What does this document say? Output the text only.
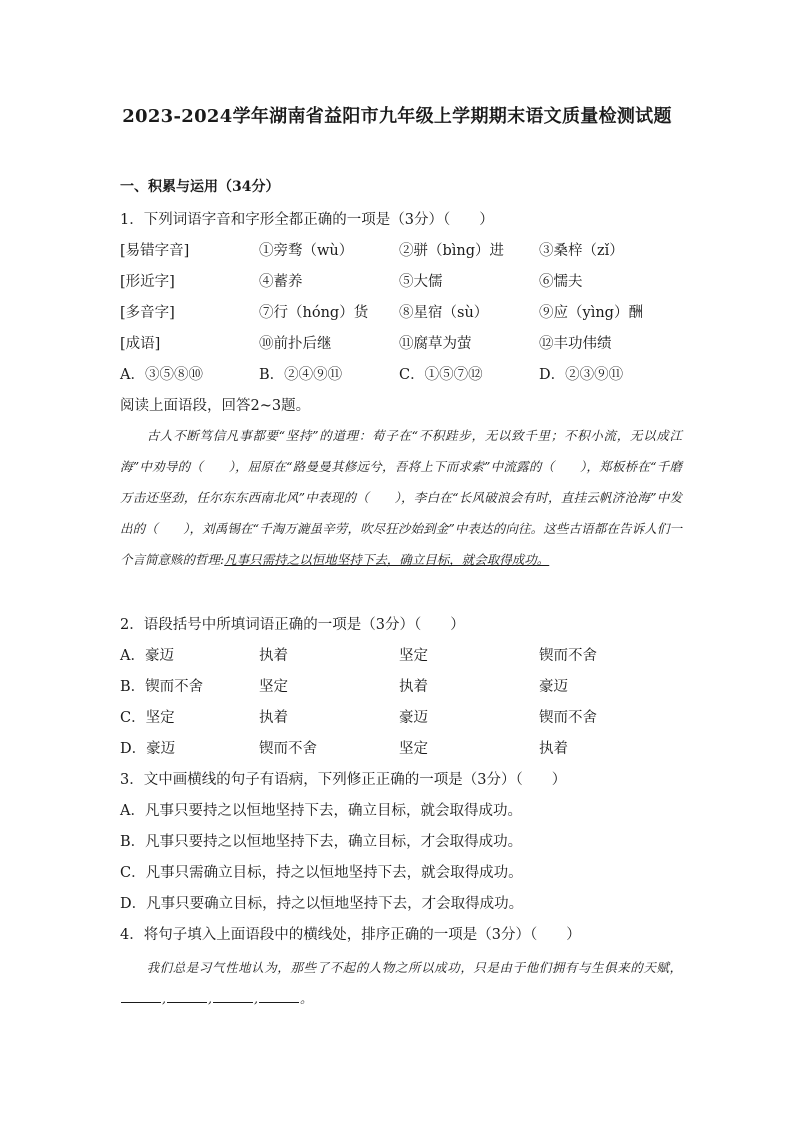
2023-2024学年湖南省益阳市九年级上学期期末语文质量检测试题
一、积累与运用（34分）
1．下列词语字音和字形全都正确的一项是（3分）（　　）
[易错字音]	①旁骛（wù）	②骈（bìng）进 ③桑梓（zǐ）
[形近字]	④蓄养	⑤大儒	⑥懦夫
[多音字]	⑦行（hóng）货 ⑧星宿（sù）	⑨应（yìng）酬
[成语]	⑩前扑后继	⑪腐草为萤	⑫丰功伟绩
A．③⑤⑧⑩	B．②④⑨⑪	C．①⑤⑦⑫	D．②③⑨⑪
阅读上面语段，回答2~3题。
古人不断笃信凡事都要“坚持”的道理：荀子在“不积跬步，无以致千里；不积小流，无以成江海”中劝导的（　　），屈原在“路曼曼其修远兮，吾将上下而求索”中流露的（　　），郑板桥在“千磨万击还坚劲，任尔东东西南北风”中表现的（　　），李白在“长风破浪会有时，直挂云帆济沧海”中发出的（　　），刘禹锡在“千淘万漉虽辛劳，吹尽狂沙始到金”中表达的向往。这些古语都在告诉人们一个言简意赅的哲理:凡事只需持之以恒地坚持下去，确立目标，就会取得成功。
2．语段括号中所填词语正确的一项是（3分）（　　）
A．豪迈	执着	坚定	锲而不舍
B．锲而不舍	坚定	执着	豪迈
C．坚定	执着	豪迈	锲而不舍
D．豪迈	锲而不舍	坚定	执着
3．文中画横线的句子有语病，下列修正正确的一项是（3分）（　　）
A．凡事只要持之以恒地坚持下去，确立目标，就会取得成功。
B．凡事只要持之以恒地坚持下去，确立目标，才会取得成功。
C．凡事只需确立目标，持之以恒地坚持下去，就会取得成功。
D．凡事只要确立目标，持之以恒地坚持下去，才会取得成功。
4．将句子填入上面语段中的横线处，排序正确的一项是（3分）（　　）
我们总是习气性地认为，那些了不起的人物之所以成功，只是由于他们拥有与生俱来的天赋，,	,	,	。
